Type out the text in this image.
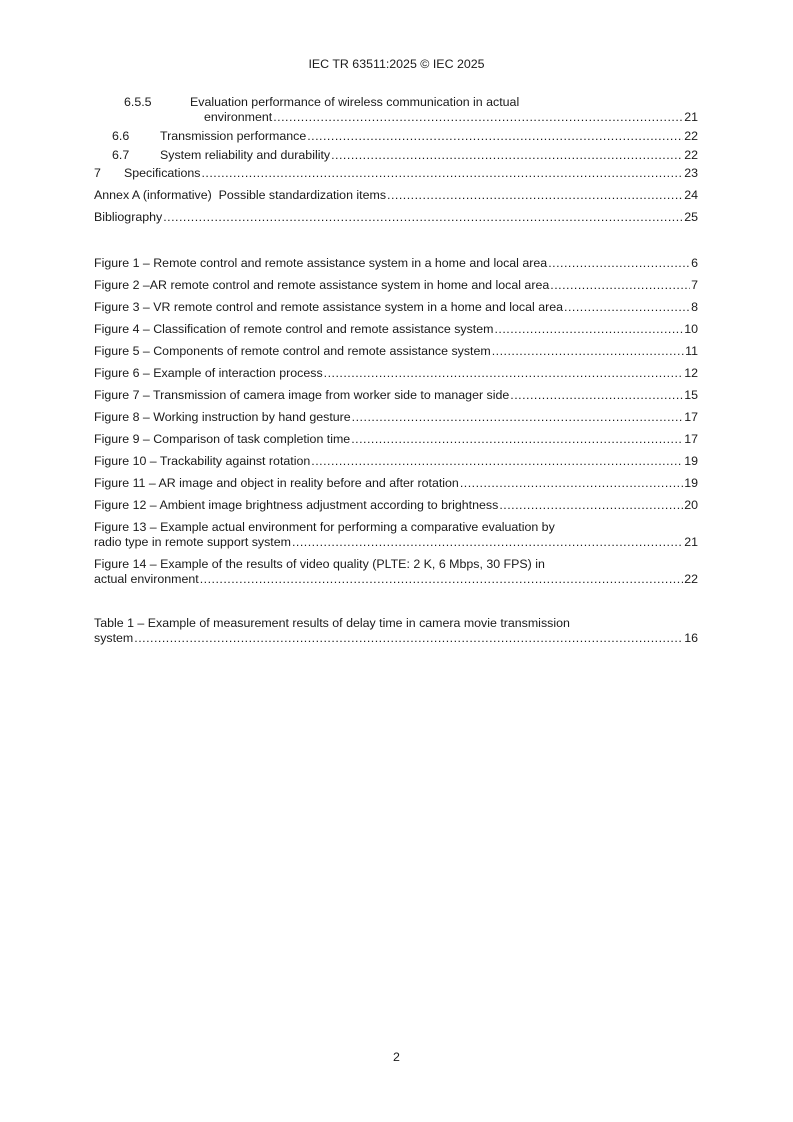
IEC TR 63511:2025 © IEC 2025
6.5.5	Evaluation performance of wireless communication in actual
environment .....	21
6.6	Transmission performance .....	22
6.7	System reliability and durability .....	22
7	Specifications .....	23
Annex A (informative)  Possible standardization items .....	24
Bibliography .....	25
Figure 1 – Remote control and remote assistance system in a home and local area .....	6
Figure 2 –AR remote control and remote assistance system in home and local area .....	7
Figure 3 – VR remote control and remote assistance system in a home and local area .....	8
Figure 4 – Classification of remote control and remote assistance system .....	10
Figure 5 – Components of remote control and remote assistance system .....	11
Figure 6 – Example of interaction process .....	12
Figure 7 – Transmission of camera image from worker side to manager side .....	15
Figure 8 – Working instruction by hand gesture .....	17
Figure 9 – Comparison of task completion time .....	17
Figure 10 – Trackability against rotation .....	19
Figure 11 – AR image and object in reality before and after rotation .....	19
Figure 12 – Ambient image brightness adjustment according to brightness .....	20
Figure 13 – Example actual environment for performing a comparative evaluation by
radio type in remote support system .....	21
Figure 14 – Example of the results of video quality (PLTE: 2 K, 6 Mbps, 30 FPS) in
actual environment .....	22
Table 1 – Example of measurement results of delay time in camera movie transmission
system .....	16
2
